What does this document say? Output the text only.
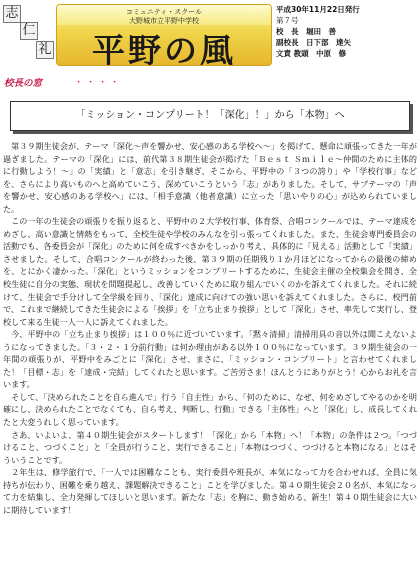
志
仁
礼
コミュニティ・スクール
大野城市立平野中学校
平野の風
平成30年11月22日発行
第７号
校　長　堀田　善
副校長　日下部　達矢
文責 教頭　中原　修
校長の窓	・・・・
「ミッション・コンプリート！「深化」！」から「本物」へ

第３９期生徒会が、テーマ「深化～声を響かせ、安心感のある学校へ～」を掲げて、懸命に頑張ってきた一年が過ぎました。テーマの「深化」には、前代第３８期生徒会が掲げた「Ｂｅｓｔ Ｓｍｉｌｅ～仲間のために主体的に行動しよう！～」の「実績」と「意志」を引き継ぎ、そこから、平野中の「３つの誇り」や「学校行事」などを、さらにより高いものへと高めていこう、深めていこうという「志」がありました。そして、サブテーマの「声を響かせ、安心感のある学校へ」には、「相手意識（他者意識）に立った「思いやりの心」が込められていました。

この一年の生徒会の頑張りを振り返ると、平野中の２大学校行事、体育祭、合唱コンクールでは、テーマ達成をめざし、高い意識と情熱をもって、全校生徒や学校のみんなを引っ張ってくれました。また、生徒会専門委員会の活動でも、各委員会が「深化」のために何を成すべきかをしっかり考え、具体的に「見える」活動として「実績」させました。そして、合唱コンクールが終わった後、第３９期の任期残り１か月ほどになってからの最後の締めを、とにかく凄かった。「深化」というミッションをコンプリートするために、生徒会主催の全校集会を開き、全校生徒に自分の実態、現状を問題提起し、改善していくために取り組んでいくのかを訴えてくれました。それに続けて、生徒会で手分けして全学級を回り、「深化」達成に向けての強い思いを訴えてくれました。さらに、校門前で、これまで継続してきた生徒会による「挨拶」を「立ち止まり挨拶」として「深化」させ、率先して実行し、登校して来る生徒一人一人に訴えてくれました。

今、平野中の「立ち止まり挨拶」は１００％に近づいています。「黙々清掃」清掃用具の音以外は聞こえないようになってきました。「３・２・１分前行動」は何か理由がある以外１００％になっています。３９期生徒会の一年間の頑張りが、平野中をみごとに「深化」させ、まさに、「ミッション・コンプリート」と言わせてくれました！「目標・志」を「達成・完結」してくれたと思います。ご苦労さま！ほんとうにありがとう！心からお礼を言います。

そして、「決められたことを自ら進んで」行う「自主性」から、「何のために、なぜ、何をめざしてやるのかを明確にし、決められたことでなくても、自ら考え、判断し、行動」できる「主体性」へと「深化」し、成長してくれたと大変うれしく思っています。

さあ、いよいよ、第４０期生徒会がスタートします！「深化」から「本物」へ！「本物」の条件は２つ。「つづけること、つづくこと」と「全員が行うこと、実行できること」「本物はつづく、つづけると本物になる」とはそういうことです。

２年生は、修学旅行で、「一人では困難なことも、実行委員や班長が、本気になって力を合わせれば、全員に気持ちが伝わり、困難を乗り越え、課題解決できること」ことを学びました。第４０期生徒会２０名が、本気になって力を結集し、全力発揮してほしいと思います。新たな「志」を胸に、動き始める、新生！第４０期生徒会に大いに期待しています！
